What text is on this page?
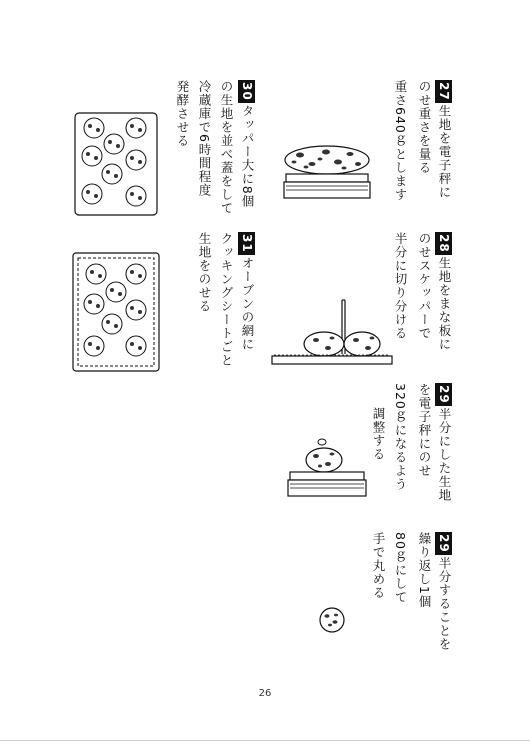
27生地を電子秤に
のせ重さを量る
重さ640ｇとします
28生地をまな板に
のせスケッパーで
半分に切り分ける
29半分にした生地
を電子秤にのせ
320ｇになるよう
調整する
29半分することを
繰り返し1個
80ｇにして
手で丸める
30タッパー大に8個
の生地を並べ蓋をして
冷蔵庫で6時間程度
発酵させる
31オーブンの網に
クッキングシートごと
生地をのせる
26
